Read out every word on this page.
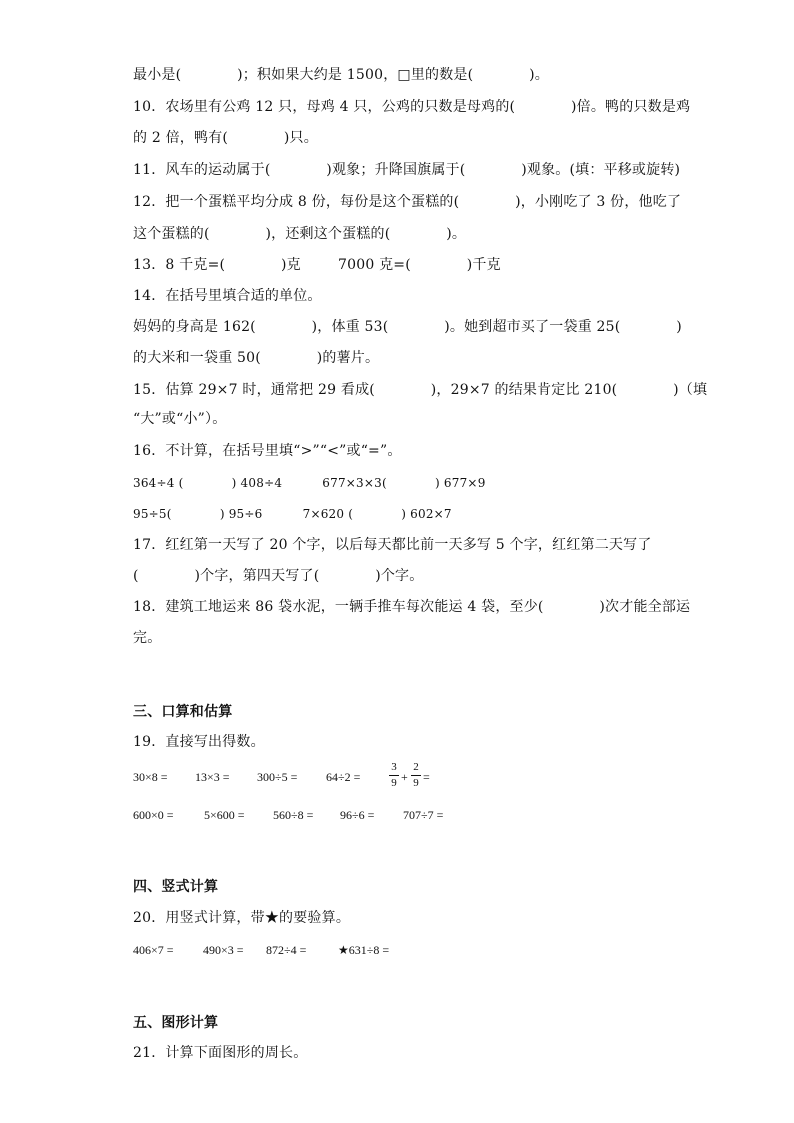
最小是(            )；积如果大约是 1500，□里的数是(            )。
10．农场里有公鸡 12 只，母鸡 4 只，公鸡的只数是母鸡的(            )倍。鸭的只数是鸡
的 2 倍，鸭有(            )只。
11．风车的运动属于(            )观象；升降国旗属于(            )观象。(填：平移或旋转)
12．把一个蛋糕平均分成 8 份，每份是这个蛋糕的(            )，小刚吃了 3 份，他吃了
这个蛋糕的(            )，还剩这个蛋糕的(            )。
13．8 千克=(            )克        7000 克=(            )千克
14．在括号里填合适的单位。
妈妈的身高是 162(            )，体重 53(            )。她到超市买了一袋重 25(            )
的大米和一袋重 50(            )的薯片。
15．估算 29×7 时，通常把 29 看成(            )，29×7 的结果肯定比 210(            )（填
“大”或“小”）。
16．不计算，在括号里填“>”“<”或“=”。
364÷4 (            ) 408÷4          677×3×3(            ) 677×9
95÷5(            ) 95÷6          7×620 (            ) 602×7
17．红红第一天写了 20 个字，以后每天都比前一天多写 5 个字，红红第二天写了
(            )个字，第四天写了(            )个字。
18．建筑工地运来 86 袋水泥，一辆手推车每次能运 4 袋，至少(            )次才能全部运
完。
三、口算和估算
19．直接写出得数。
30×8 = 13×3 = 300÷5 = 64÷2 =
3
9 +
2
9 =
600×0 =	5×600 = 560÷8 = 96÷6 = 707÷7 =
四、竖式计算
20．用竖式计算，带★的要验算。
406×7 = 490×3 = 872÷4 =	★631÷8 =
五、图形计算
21．计算下面图形的周长。
